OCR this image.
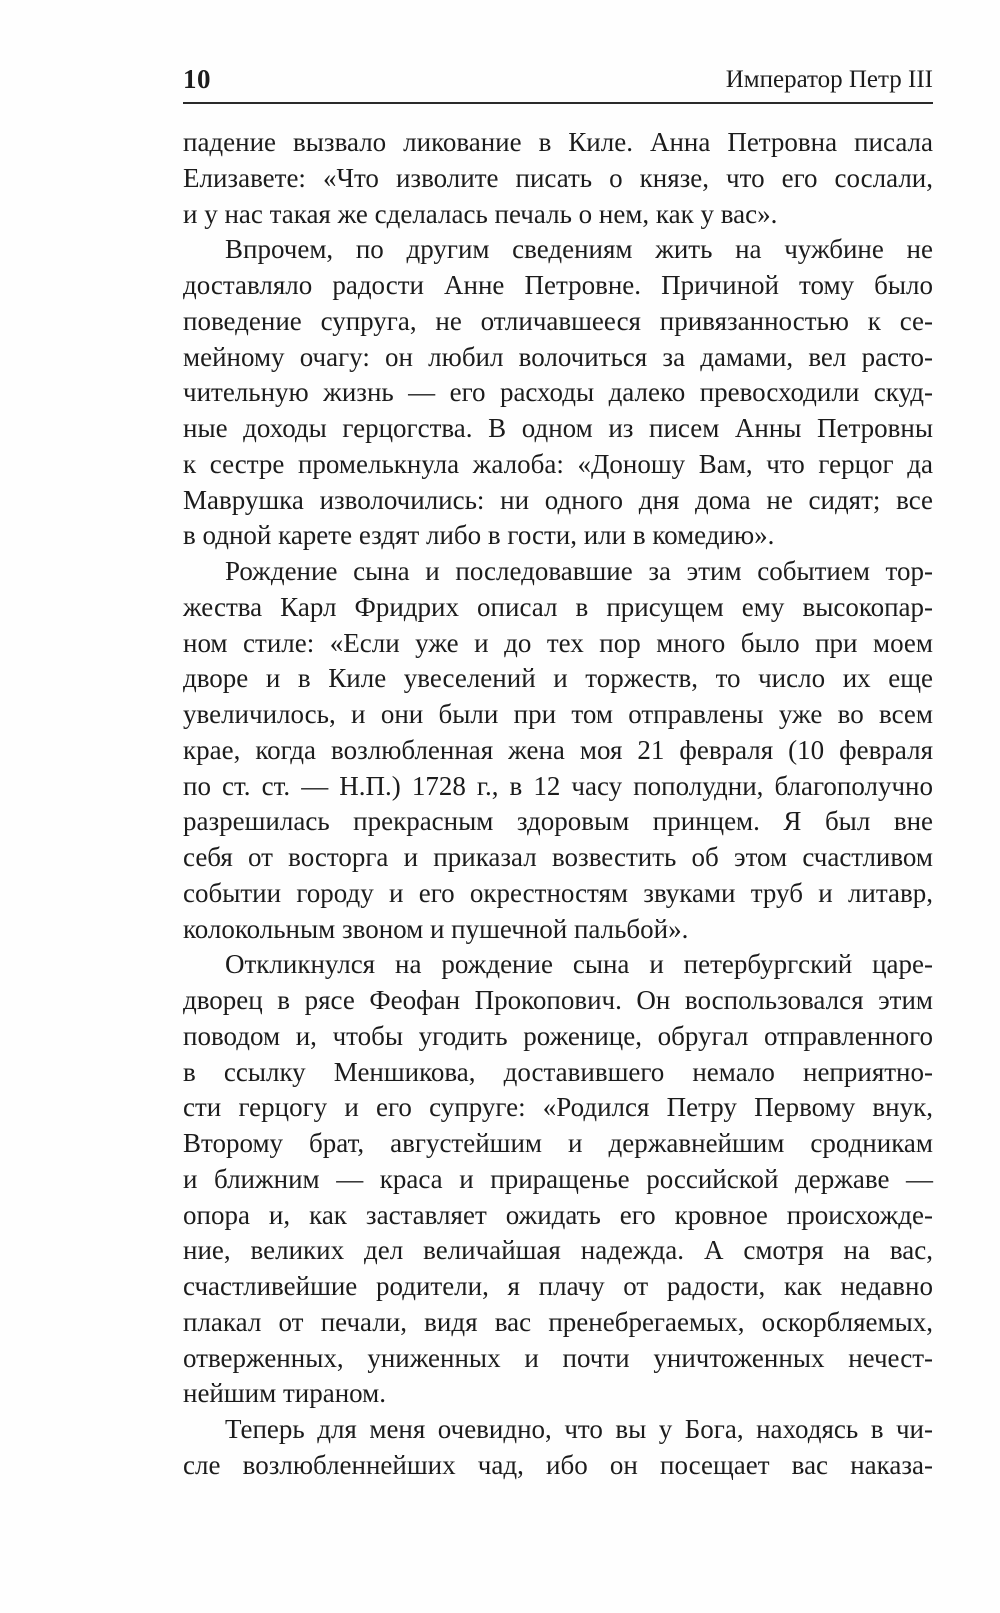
10	Император Петр III
падение вызвало ликование в Киле. Анна Петровна писала
Елизавете: «Что изволите писать о князе, что его сослали,
и у нас такая же сделалась печаль о нем, как у вас».
Впрочем, по другим сведениям жить на чужбине не
доставляло радости Анне Петровне. Причиной тому было
поведение супруга, не отличавшееся привязанностью к се-
мейному очагу: он любил волочиться за дамами, вел расто-
чительную жизнь — его расходы далеко превосходили скуд-
ные доходы герцогства. В одном из писем Анны Петровны
к сестре промелькнула жалоба: «Доношу Вам, что герцог да
Маврушка изволочились: ни одного дня дома не сидят; все
в одной карете ездят либо в гости, или в комедию».
Рождение сына и последовавшие за этим событием тор-
жества Карл Фридрих описал в присущем ему высокопар-
ном стиле: «Если уже и до тех пор много было при моем
дворе и в Киле увеселений и торжеств, то число их еще
увеличилось, и они были при том отправлены уже во всем
крае, когда возлюбленная жена моя 21 февраля (10 февраля
по ст. ст. — Н.П.) 1728 г., в 12 часу пополудни, благополучно
разрешилась прекрасным здоровым принцем. Я был вне
себя от восторга и приказал возвестить об этом счастливом
событии городу и его окрестностям звуками труб и литавр,
колокольным звоном и пушечной пальбой».
Откликнулся на рождение сына и петербургский царе-
дворец в рясе Феофан Прокопович. Он воспользовался этим
поводом и, чтобы угодить роженице, обругал отправленного
в ссылку Меншикова, доставившего немало неприятно-
сти герцогу и его супруге: «Родился Петру Первому внук,
Второму брат, августейшим и державнейшим сродникам
и ближним — краса и приращенье российской державе —
опора и, как заставляет ожидать его кровное происхожде-
ние, великих дел величайшая надежда. А смотря на вас,
счастливейшие родители, я плачу от радости, как недавно
плакал от печали, видя вас пренебрегаемых, оскорбляемых,
отверженных, униженных и почти уничтоженных нечест-
нейшим тираном.
Теперь для меня очевидно, что вы у Бога, находясь в чи-
сле возлюбленнейших чад, ибо он посещает вас наказа-
